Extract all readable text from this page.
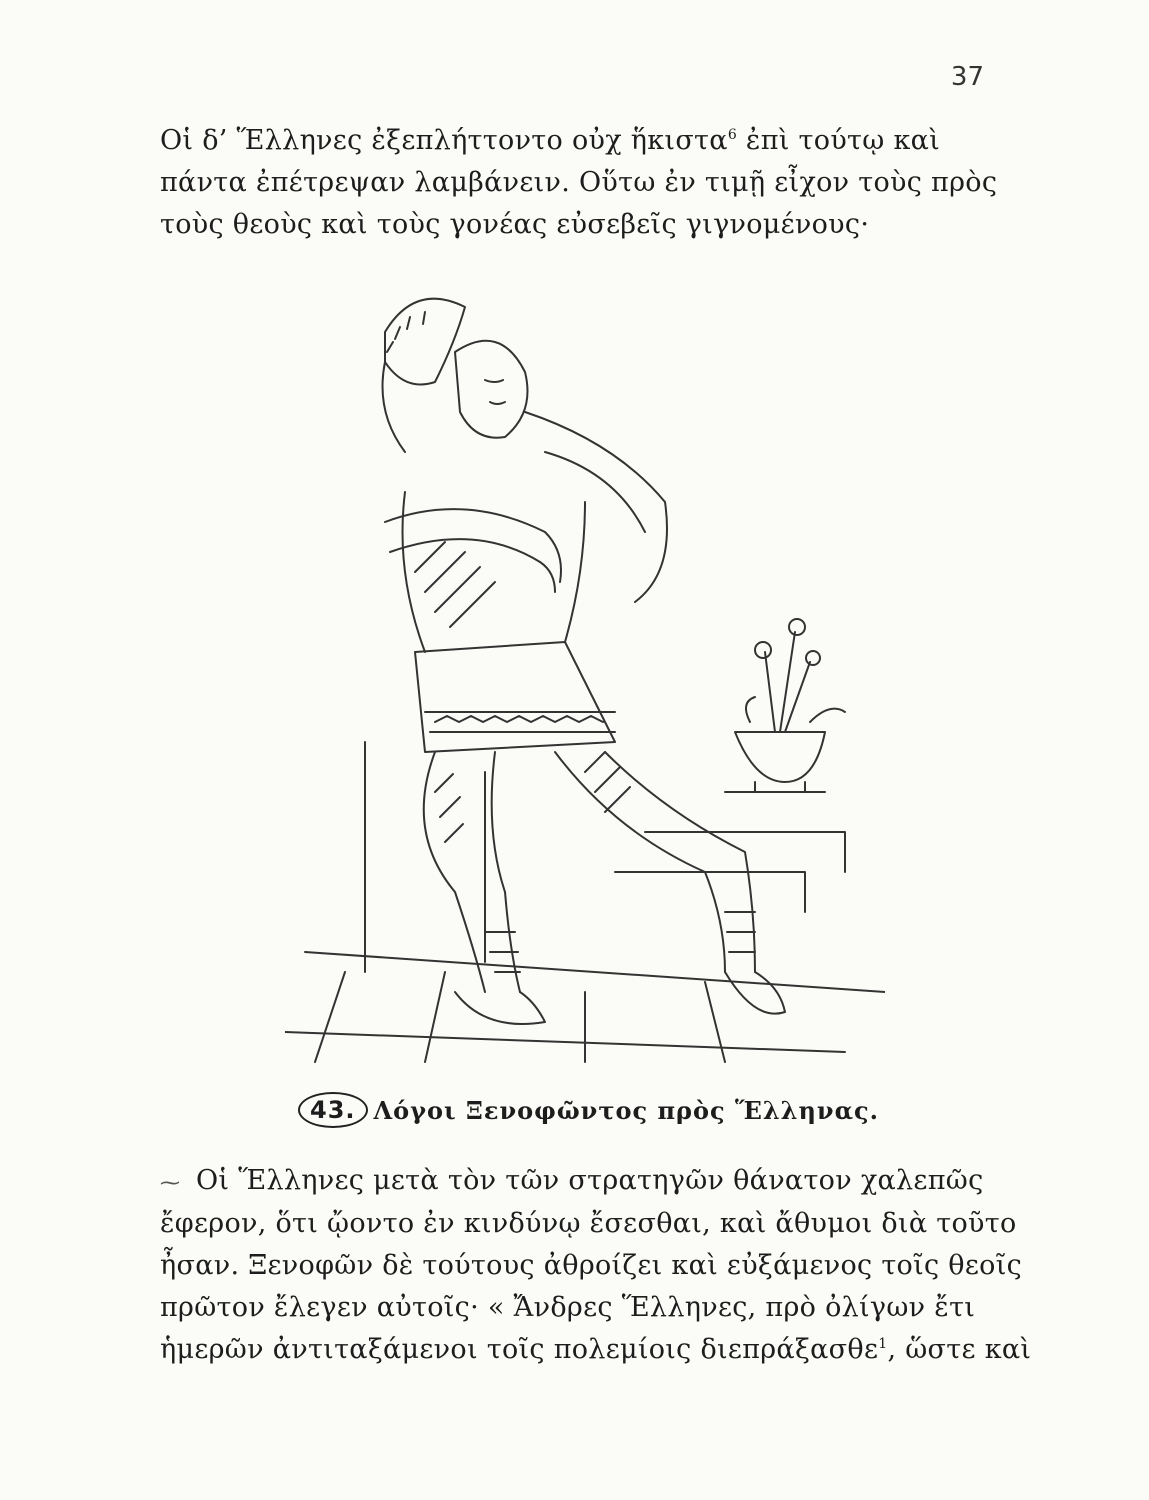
37
Οἱ δ’ Ἕλληνες ἐξεπλήττοντο οὐχ ἥκιστα$^6$ ἐπὶ τούτῳ καὶ
πάντα ἐπέτρεψαν λαμβάνειν. Οὕτω ἐν τιμῇ εἶχον τοὺς πρὸς
τοὺς θεοὺς καὶ τοὺς γονέας εὐσεβεῖς γιγνομένους·
43. Λόγοι Ξενοφῶντος πρὸς Ἕλληνας.
⁓ Οἱ Ἕλληνες μετὰ τὸν τῶν στρατηγῶν θάνατον χαλεπῶς
ἔφερον, ὅτι ᾤοντο ἐν κινδύνῳ ἔσεσθαι, καὶ ἄθυμοι διὰ τοῦτο
ἦσαν. Ξενοφῶν δὲ τούτους ἀθροίζει καὶ εὐξάμενος τοῖς θεοῖς
πρῶτον ἔλεγεν αὐτοῖς· « Ἄνδρες Ἕλληνες, πρὸ ὀλίγων ἔτι
ἡμερῶν ἀντιταξάμενοι τοῖς πολεμίοις διεπράξασθε$^1$, ὥστε καὶ
